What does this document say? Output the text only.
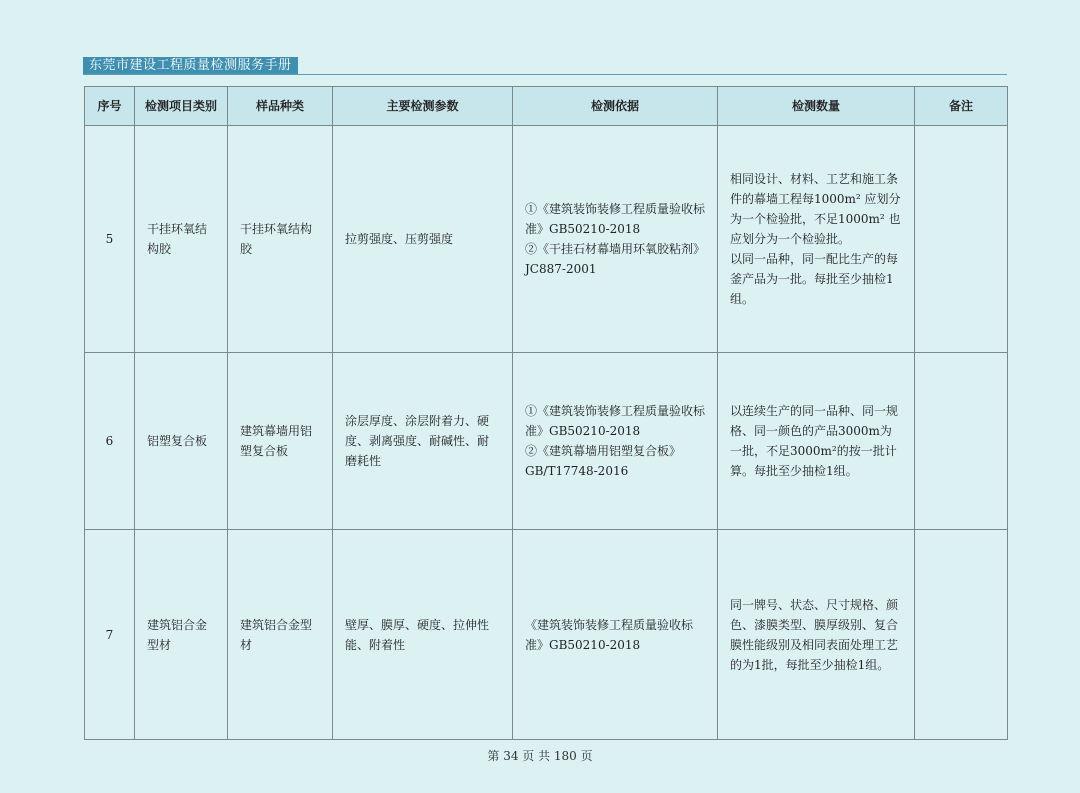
东莞市建设工程质量检测服务手册
序号	检测项目类别	样品种类	主要检测参数	检测依据	检测数量	备注
5	干挂环氧结构胶	干挂环氧结构胶	拉剪强度、压剪强度	①《建筑装饰装修工程质量验收标准》GB50210-2018
②《干挂石材幕墙用环氧胶粘剂》JC887-2001	相同设计、材料、工艺和施工条件的幕墙工程每1000m² 应划分为一个检验批，不足1000m² 也应划分为一个检验批。
以同一品种，同一配比生产的每釜产品为一批。每批至少抽检1组。	

6	铝塑复合板	建筑幕墙用铝塑复合板	涂层厚度、涂层附着力、硬度、剥离强度、耐碱性、耐磨耗性	①《建筑装饰装修工程质量验收标准》GB50210-2018
②《建筑幕墙用铝塑复合板》GB/T17748-2016	以连续生产的同一品种、同一规格、同一颜色的产品3000m为一批，不足3000m²的按一批计算。每批至少抽检1组。	

7	建筑铝合金型材	建筑铝合金型材	壁厚、膜厚、硬度、拉伸性能、附着性	《建筑装饰装修工程质量验收标准》GB50210-2018	同一牌号、状态、尺寸规格、颜色、漆膜类型、膜厚级别、复合膜性能级别及相同表面处理工艺的为1批，每批至少抽检1组。	

第 34 页 共 180 页
